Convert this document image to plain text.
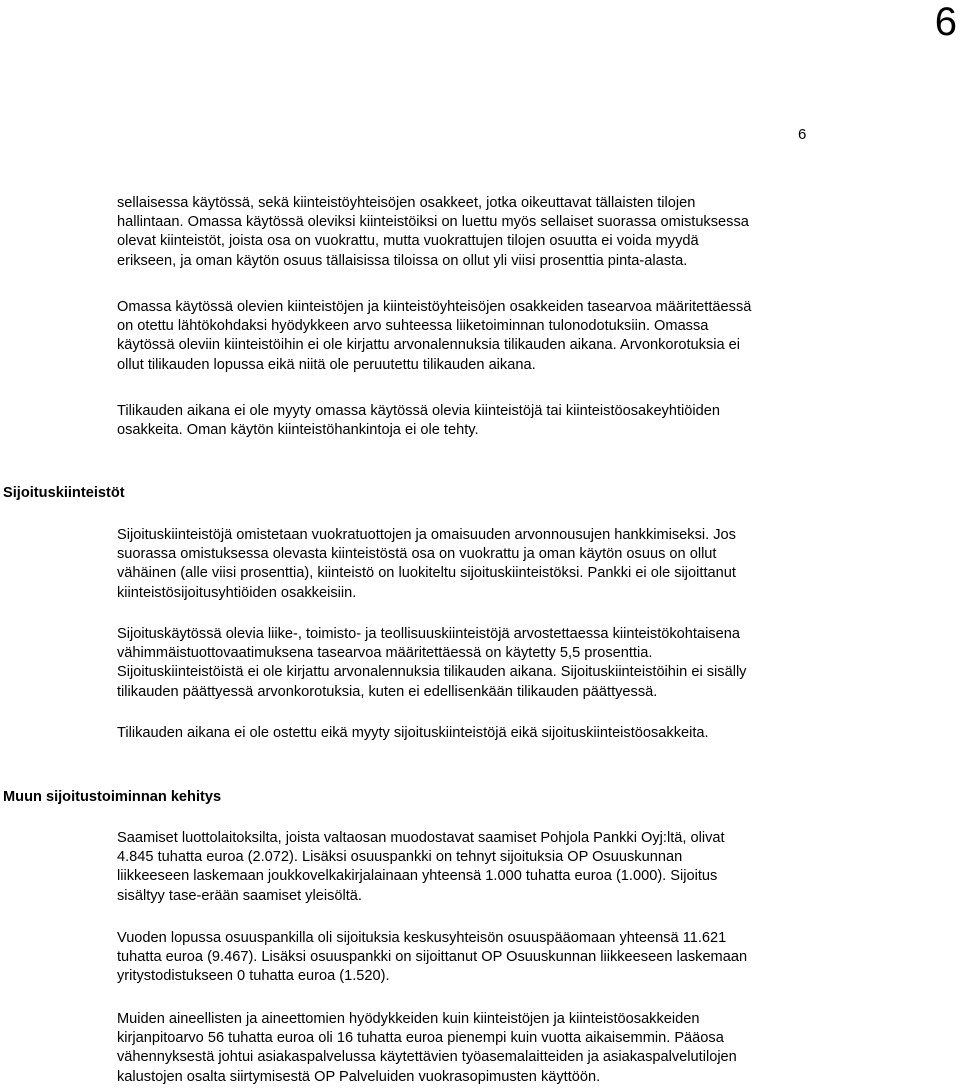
6
6

sellaisessa käytössä, sekä kiinteistöyhteisöjen osakkeet, jotka oikeuttavat tällaisten tilojen
hallintaan. Omassa käytössä oleviksi kiinteistöiksi on luettu myös sellaiset suorassa omistuksessa
olevat kiinteistöt, joista osa on vuokrattu, mutta vuokrattujen tilojen osuutta ei voida myydä
erikseen, ja oman käytön osuus tällaisissa tiloissa on ollut yli viisi prosenttia pinta-alasta.

Omassa käytössä olevien kiinteistöjen ja kiinteistöyhteisöjen osakkeiden tasearvoa määritettäessä
on otettu lähtökohdaksi hyödykkeen arvo suhteessa liiketoiminnan tulonodotuksiin. Omassa
käytössä oleviin kiinteistöihin ei ole kirjattu arvonalennuksia tilikauden aikana. Arvonkorotuksia ei
ollut tilikauden lopussa eikä niitä ole peruutettu tilikauden aikana.

Tilikauden aikana ei ole myyty omassa käytössä olevia kiinteistöjä tai kiinteistöosakeyhtiöiden
osakkeita. Oman käytön kiinteistöhankintoja ei ole tehty.

Sijoituskiinteistöt

Sijoituskiinteistöjä omistetaan vuokratuottojen ja omaisuuden arvonnousujen hankkimiseksi. Jos
suorassa omistuksessa olevasta kiinteistöstä osa on vuokrattu ja oman käytön osuus on ollut
vähäinen (alle viisi prosenttia), kiinteistö on luokiteltu sijoituskiinteistöksi. Pankki ei ole sijoittanut
kiinteistösijoitusyhtiöiden osakkeisiin.

Sijoituskäytössä olevia liike-, toimisto- ja teollisuuskiinteistöjä arvostettaessa kiinteistökohtaisena
vähimmäistuottovaatimuksena tasearvoa määritettäessä on käytetty 5,5 prosenttia.
Sijoituskiinteistöistä ei ole kirjattu arvonalennuksia tilikauden aikana. Sijoituskiinteistöihin ei sisälly
tilikauden päättyessä arvonkorotuksia, kuten ei edellisenkään tilikauden päättyessä.

Tilikauden aikana ei ole ostettu eikä myyty sijoituskiinteistöjä eikä sijoituskiinteistöosakkeita.

Muun sijoitustoiminnan kehitys

Saamiset luottolaitoksilta, joista valtaosan muodostavat saamiset Pohjola Pankki Oyj:ltä, olivat
4.845 tuhatta euroa (2.072). Lisäksi osuuspankki on tehnyt sijoituksia OP Osuuskunnan
liikkeeseen laskemaan joukkovelkakirjalainaan yhteensä 1.000 tuhatta euroa (1.000). Sijoitus
sisältyy tase-erään saamiset yleisöltä.

Vuoden lopussa osuuspankilla oli sijoituksia keskusyhteisön osuuspääomaan yhteensä 11.621
tuhatta euroa (9.467). Lisäksi osuuspankki on sijoittanut OP Osuuskunnan liikkeeseen laskemaan
yritystodistukseen 0 tuhatta euroa (1.520).

Muiden aineellisten ja aineettomien hyödykkeiden kuin kiinteistöjen ja kiinteistöosakkeiden
kirjanpitoarvo 56 tuhatta euroa oli 16 tuhatta euroa pienempi kuin vuotta aikaisemmin. Pääosa
vähennyksestä johtui asiakaspalvelussa käytettävien työasemalaitteiden ja asiakaspalvelutilojen
kalustojen osalta siirtymisestä OP Palveluiden vuokrasopimusten käyttöön.
